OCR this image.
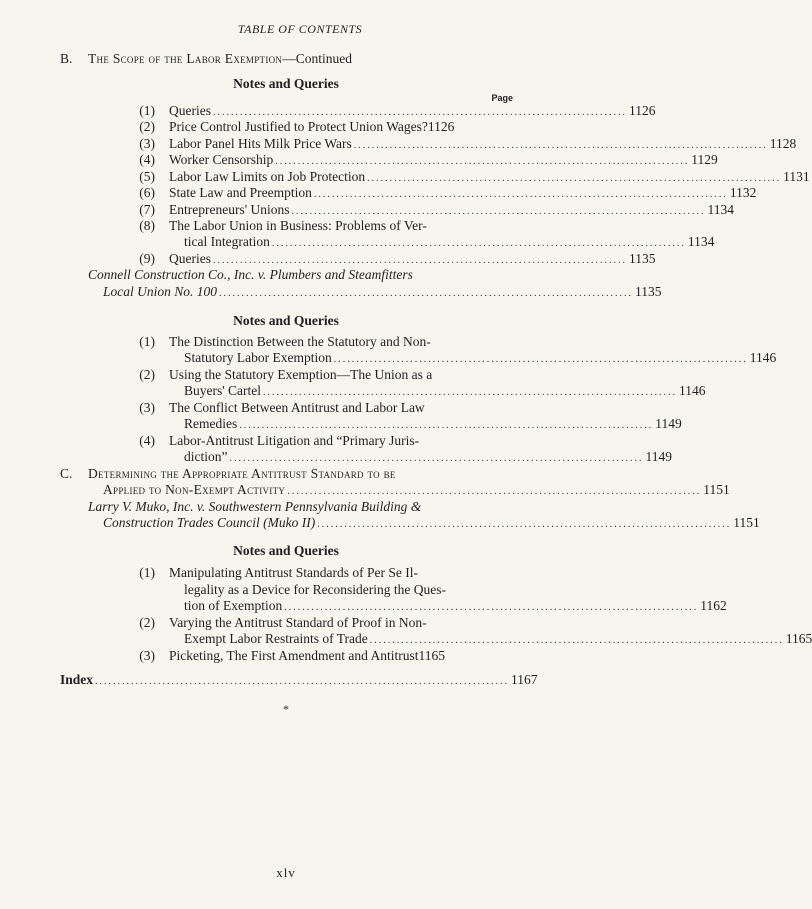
TABLE OF CONTENTS
B. The Scope of the Labor Exemption—Continued
Notes and Queries
Page
(1) Queries ............................................................................................ 1126
(2) Price Control Justified to Protect Union Wages? 1126
(3) Labor Panel Hits Milk Price Wars ............................................................................................ 1128
(4) Worker Censorship ............................................................................................ 1129
(5) Labor Law Limits on Job Protection ............................................................................................ 1131
(6) State Law and Preemption ............................................................................................ 1132
(7) Entrepreneurs' Unions ............................................................................................ 1134
(8) The Labor Union in Business: Problems of Ver-
tical Integration ............................................................................................ 1134
(9) Queries ............................................................................................ 1135
Connell Construction Co., Inc. v. Plumbers and Steamfitters
Local Union No. 100 ............................................................................................ 1135
Notes and Queries
(1) The Distinction Between the Statutory and Non-
Statutory Labor Exemption ............................................................................................ 1146
(2) Using the Statutory Exemption—The Union as a
Buyers' Cartel ............................................................................................ 1146
(3) The Conflict Between Antitrust and Labor Law
Remedies ............................................................................................ 1149
(4) Labor-Antitrust Litigation and “Primary Juris-
diction” ............................................................................................ 1149
C. Determining the Appropriate Antitrust Standard to be
Applied to Non-Exempt Activity ............................................................................................ 1151
Larry V. Muko, Inc. v. Southwestern Pennsylvania Building &
Construction Trades Council (Muko II) ............................................................................................ 1151
Notes and Queries
(1) Manipulating Antitrust Standards of Per Se Il-
legality as a Device for Reconsidering the Ques-
tion of Exemption ............................................................................................ 1162
(2) Varying the Antitrust Standard of Proof in Non-
Exempt Labor Restraints of Trade ............................................................................................ 1165
(3) Picketing, The First Amendment and Antitrust 1165
Index ............................................................................................ 1167
*
xlv
